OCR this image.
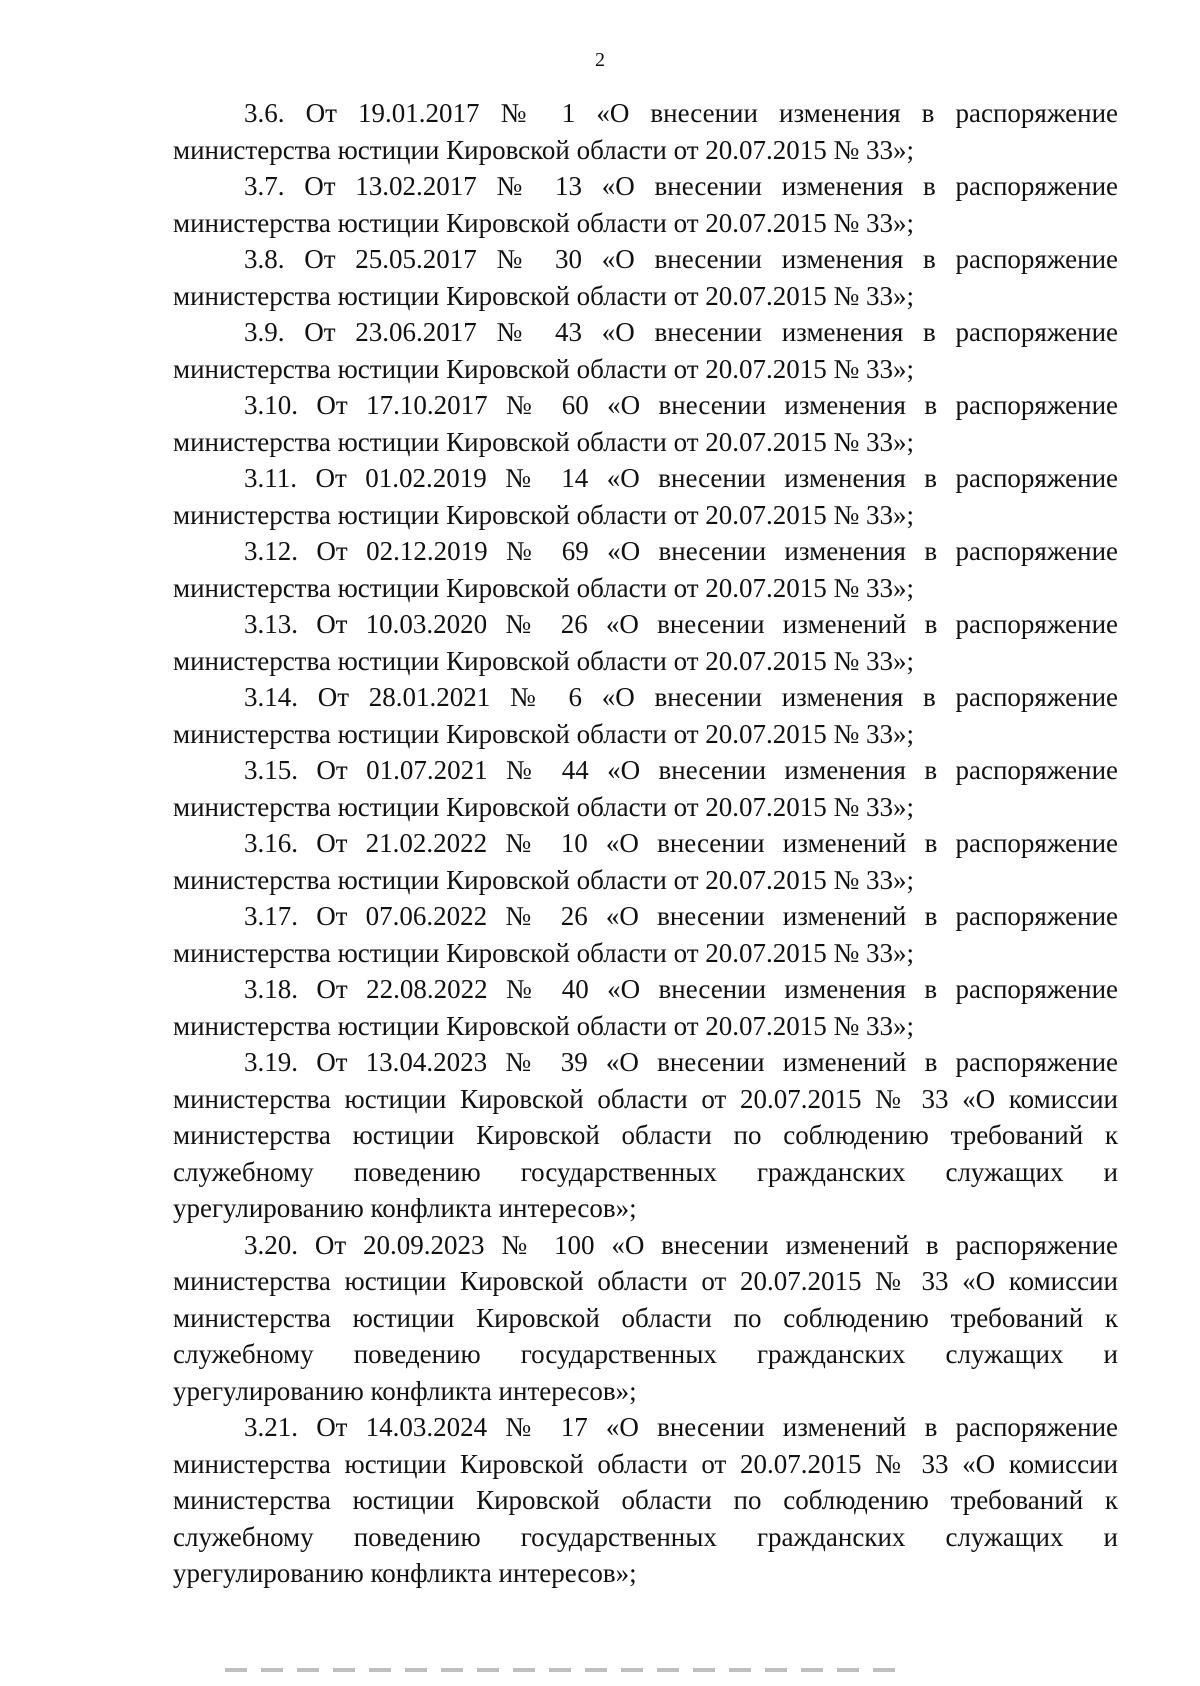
2

3.6. От 19.01.2017 № 1 «О внесении изменения в распоряжение министерства юстиции Кировской области от 20.07.2015 № 33»;

3.7. От 13.02.2017 № 13 «О внесении изменения в распоряжение министерства юстиции Кировской области от 20.07.2015 № 33»;

3.8. От 25.05.2017 № 30 «О внесении изменения в распоряжение министерства юстиции Кировской области от 20.07.2015 № 33»;

3.9. От 23.06.2017 № 43 «О внесении изменения в распоряжение министерства юстиции Кировской области от 20.07.2015 № 33»;

3.10. От 17.10.2017 № 60 «О внесении изменения в распоряжение министерства юстиции Кировской области от 20.07.2015 № 33»;

3.11. От 01.02.2019 № 14 «О внесении изменения в распоряжение министерства юстиции Кировской области от 20.07.2015 № 33»;

3.12. От 02.12.2019 № 69 «О внесении изменения в распоряжение министерства юстиции Кировской области от 20.07.2015 № 33»;

3.13. От 10.03.2020 № 26 «О внесении изменений в распоряжение министерства юстиции Кировской области от 20.07.2015 № 33»;

3.14. От 28.01.2021 № 6 «О внесении изменения в распоряжение министерства юстиции Кировской области от 20.07.2015 № 33»;

3.15. От 01.07.2021 № 44 «О внесении изменения в распоряжение министерства юстиции Кировской области от 20.07.2015 № 33»;

3.16. От 21.02.2022 № 10 «О внесении изменений в распоряжение министерства юстиции Кировской области от 20.07.2015 № 33»;

3.17. От 07.06.2022 № 26 «О внесении изменений в распоряжение министерства юстиции Кировской области от 20.07.2015 № 33»;

3.18. От 22.08.2022 № 40 «О внесении изменения в распоряжение министерства юстиции Кировской области от 20.07.2015 № 33»;

3.19. От 13.04.2023 № 39 «О внесении изменений в распоряжение министерства юстиции Кировской области от 20.07.2015 № 33 «О комиссии министерства юстиции Кировской области по соблюдению требований к служебному поведению государственных гражданских служащих и урегулированию конфликта интересов»;

3.20. От 20.09.2023 № 100 «О внесении изменений в распоряжение министерства юстиции Кировской области от 20.07.2015 № 33 «О комиссии министерства юстиции Кировской области по соблюдению требований к служебному поведению государственных гражданских служащих и урегулированию конфликта интересов»;

3.21. От 14.03.2024 № 17 «О внесении изменений в распоряжение министерства юстиции Кировской области от 20.07.2015 № 33 «О комиссии министерства юстиции Кировской области по соблюдению требований к служебному поведению государственных гражданских служащих и урегулированию конфликта интересов»;
